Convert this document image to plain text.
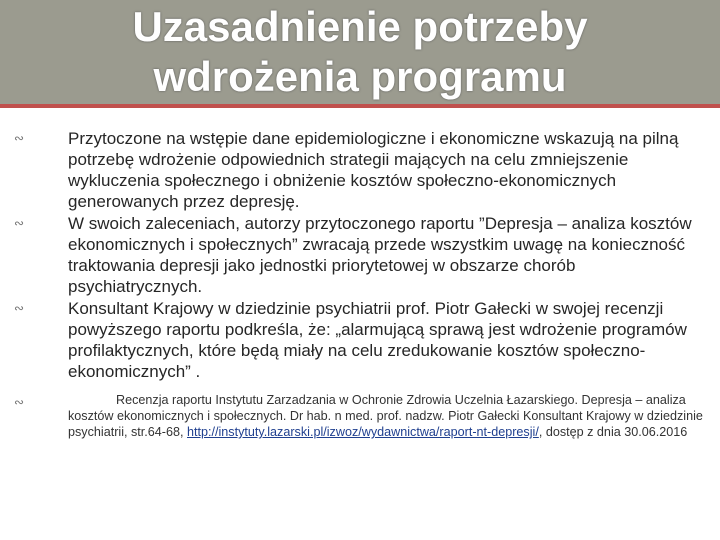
Uzasadnienie potrzeby
wdrożenia programu
∾	Przytoczone na wstępie dane epidemiologiczne i ekonomiczne wskazują na pilną potrzebę wdrożenie odpowiednich strategii mających na celu zmniejszenie wykluczenia społecznego i obniżenie kosztów społeczno-ekonomicznych generowanych przez depresję.
∾	W swoich zaleceniach, autorzy przytoczonego raportu ”Depresja – analiza kosztów ekonomicznych i społecznych” zwracają przede wszystkim uwagę na konieczność traktowania depresji jako jednostki priorytetowej w obszarze chorób psychiatrycznych.
∾	Konsultant Krajowy w dziedzinie psychiatrii prof. Piotr Gałecki w swojej recenzji powyższego raportu podkreśla, że: „alarmującą sprawą jest wdrożenie programów profilaktycznych, które będą miały na celu zredukowanie kosztów społeczno-ekonomicznych” .
∾	Recenzja raportu Instytutu Zarzadzania w Ochronie Zdrowia Uczelnia Łazarskiego. Depresja – analiza kosztów ekonomicznych i społecznych. Dr hab. n med. prof. nadzw. Piotr Gałecki Konsultant Krajowy w dziedzinie psychiatrii, str.64-68, http://instytuty.lazarski.pl/izwoz/wydawnictwa/raport-nt-depresji/, dostęp z dnia 30.06.2016
